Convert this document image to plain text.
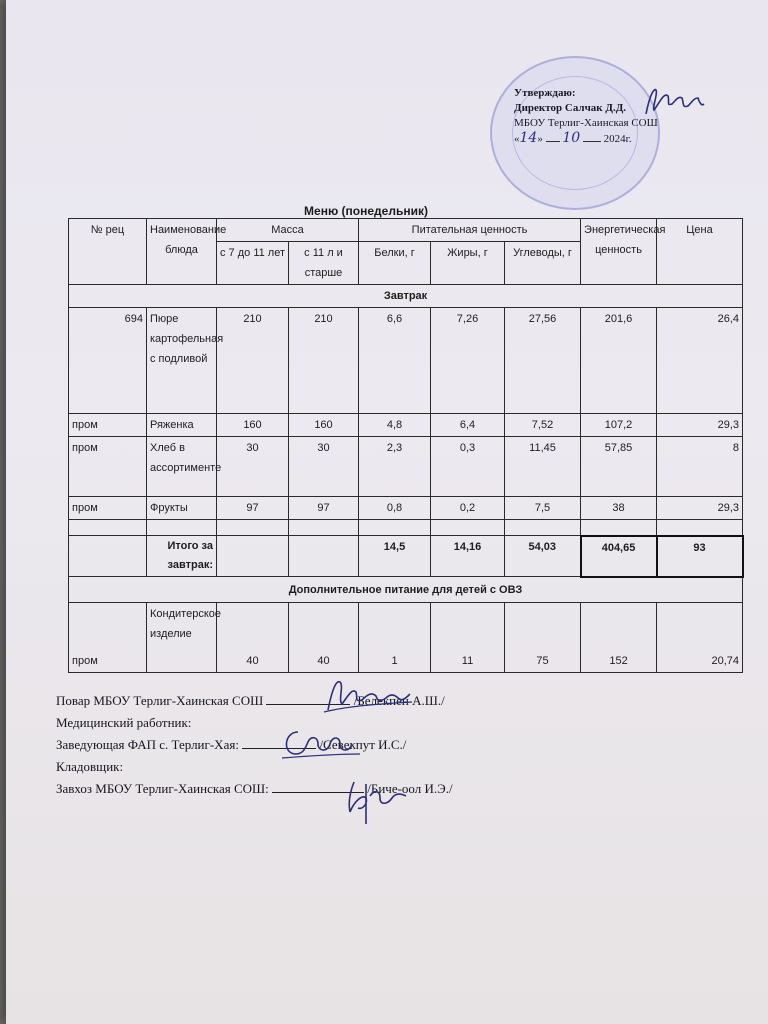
Утверждаю:
Директор Салчак Д.Д.
МБОУ Терлиг-Хаинская СОШ
«14» 10 2024г.
Меню (понедельник)
№ рец	Наименование блюда	Масса		Питательная ценность			Энергетическая ценность	Цена
		с 7 до 11 лет	с 11 л и старше	Белки, г	Жиры, г	Углеводы, г		
Завтрак								
694	Пюре картофельная с подливой	210	210	6,6	7,26	27,56	201,6	26,4
пром	Ряженка	160	160	4,8	6,4	7,52	107,2	29,3
пром	Хлеб в ассортименте	30	30	2,3	0,3	11,45	57,85	8
пром	Фрукты	97	97	0,8	0,2	7,5	38	29,3

	Итого за завтрак:			14,5	14,16	54,03	404,65	93
Дополнительное питание для детей с ОВЗ								
пром	Кондитерское изделие	40	40	1	11	75	152	20,74
Повар МБОУ Терлиг-Хаинская СОШ	/Белекпен А.Ш./
Медицинский работник:
Заведующая ФАП с. Терлиг-Хая:	/Севекпут И.С./
Кладовщик:
Завхоз МБОУ Терлиг-Хаинская СОШ:	/Биче-оол И.Э./
